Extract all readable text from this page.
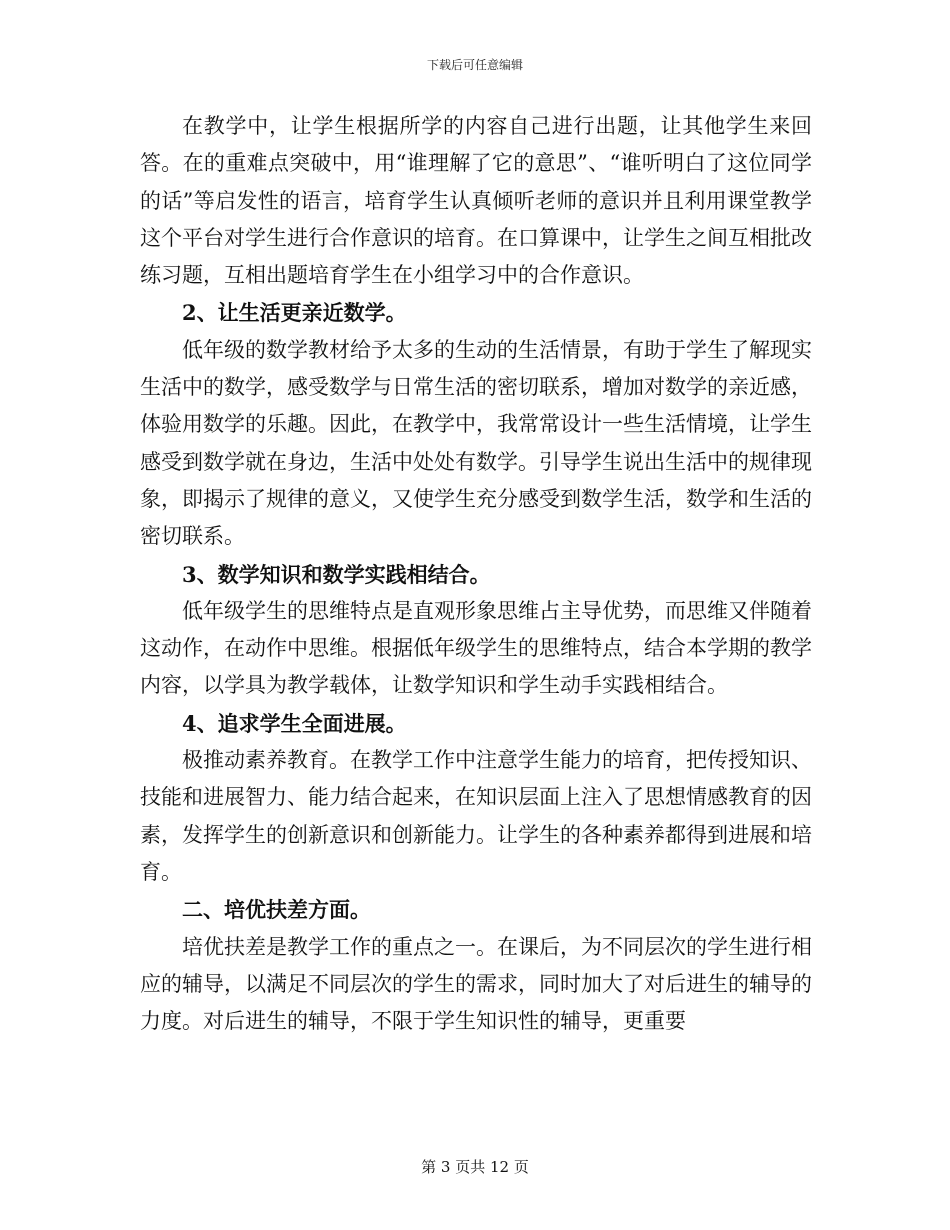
下载后可任意编辑

在教学中，让学生根据所学的内容自己进行出题，让其他学生来回答。在的重难点突破中，用“谁理解了它的意思”、“谁听明白了这位同学的话”等启发性的语言，培育学生认真倾听老师的意识并且利用课堂教学这个平台对学生进行合作意识的培育。在口算课中，让学生之间互相批改练习题，互相出题培育学生在小组学习中的合作意识。

2、让生活更亲近数学。

低年级的数学教材给予太多的生动的生活情景，有助于学生了解现实生活中的数学，感受数学与日常生活的密切联系，增加对数学的亲近感，体验用数学的乐趣。因此，在教学中，我常常设计一些生活情境，让学生感受到数学就在身边，生活中处处有数学。引导学生说出生活中的规律现象，即揭示了规律的意义，又使学生充分感受到数学生活，数学和生活的密切联系。

3、数学知识和数学实践相结合。

低年级学生的思维特点是直观形象思维占主导优势，而思维又伴随着这动作，在动作中思维。根据低年级学生的思维特点，结合本学期的教学内容，以学具为教学载体，让数学知识和学生动手实践相结合。

4、追求学生全面进展。

极推动素养教育。在教学工作中注意学生能力的培育，把传授知识、技能和进展智力、能力结合起来，在知识层面上注入了思想情感教育的因素，发挥学生的创新意识和创新能力。让学生的各种素养都得到进展和培育。

二、培优扶差方面。

培优扶差是教学工作的重点之一。在课后，为不同层次的学生进行相应的辅导，以满足不同层次的学生的需求，同时加大了对后进生的辅导的力度。对后进生的辅导，不限于学生知识性的辅导，更重要

第 3 页共 12 页
